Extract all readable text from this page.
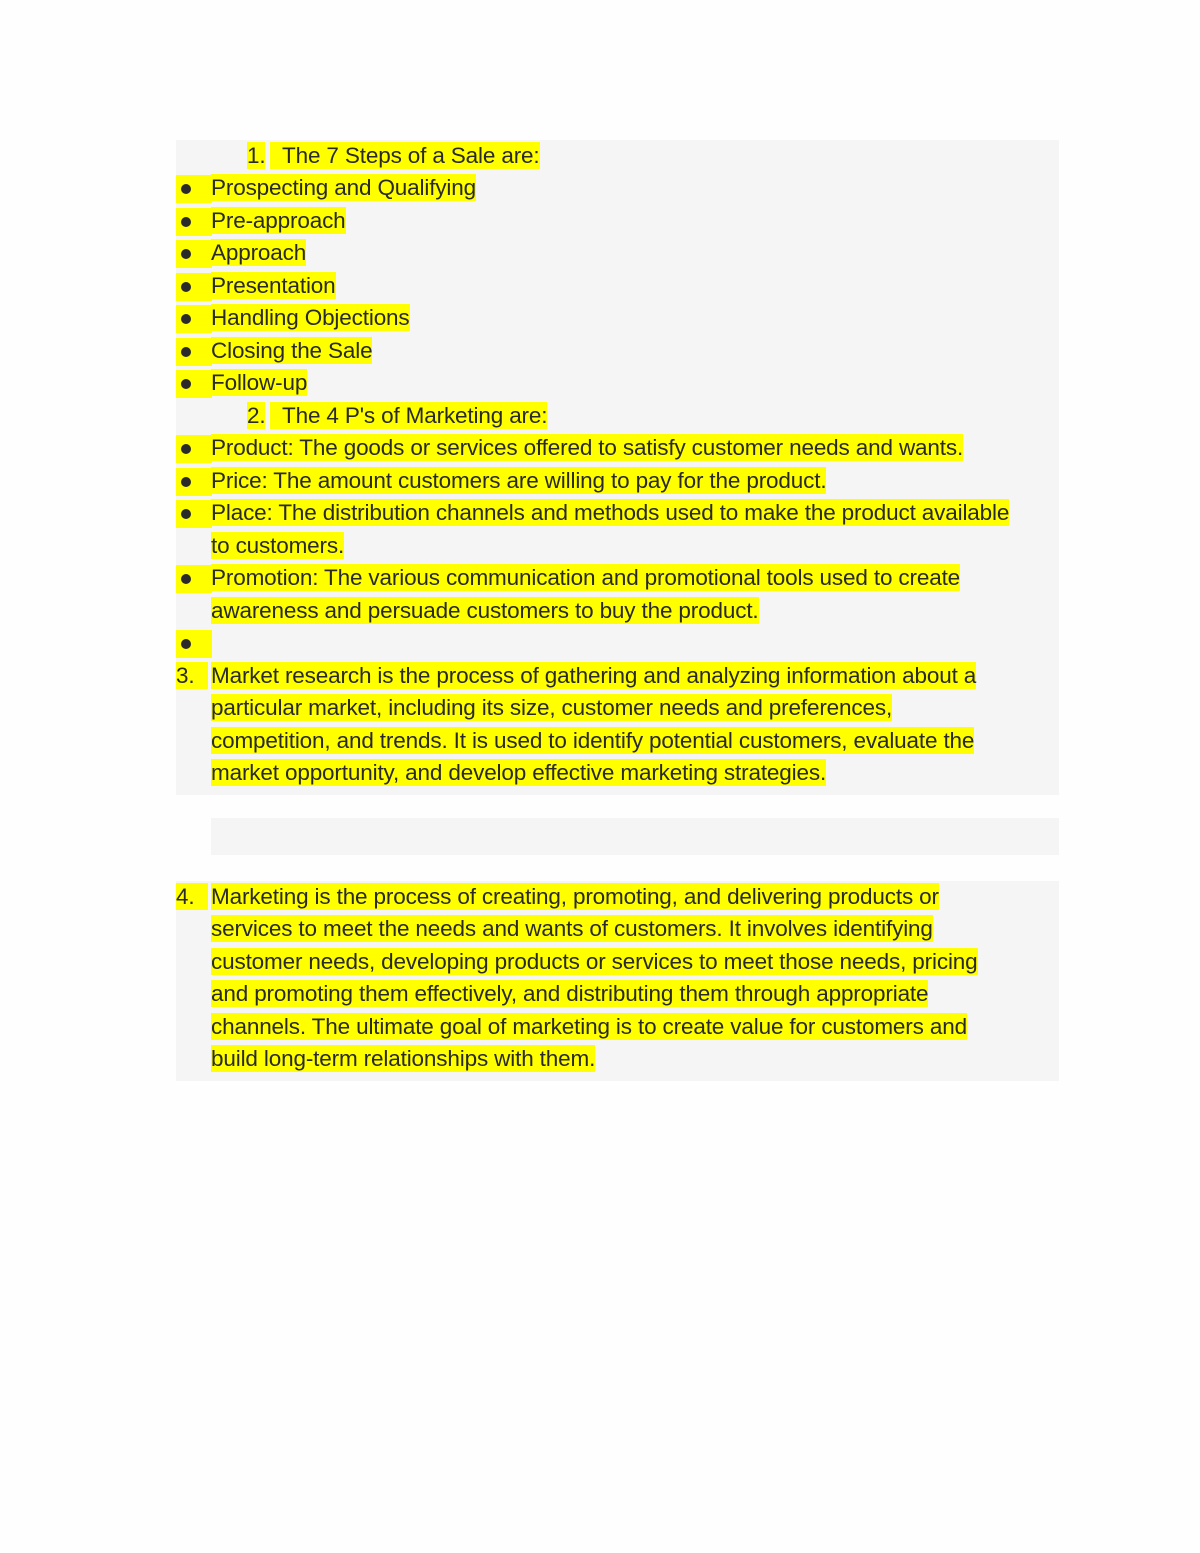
1. The 7 Steps of a Sale are:
Prospecting and Qualifying
Pre-approach
Approach
Presentation
Handling Objections
Closing the Sale
Follow-up
2. The 4 P's of Marketing are:
Product: The goods or services offered to satisfy customer needs and wants.
Price: The amount customers are willing to pay for the product.
Place: The distribution channels and methods used to make the product available
to customers.
Promotion: The various communication and promotional tools used to create
awareness and persuade customers to buy the product.
3. Market research is the process of gathering and analyzing information about a
particular market, including its size, customer needs and preferences,
competition, and trends. It is used to identify potential customers, evaluate the
market opportunity, and develop effective marketing strategies.
4. Marketing is the process of creating, promoting, and delivering products or
services to meet the needs and wants of customers. It involves identifying
customer needs, developing products or services to meet those needs, pricing
and promoting them effectively, and distributing them through appropriate
channels. The ultimate goal of marketing is to create value for customers and
build long-term relationships with them.
